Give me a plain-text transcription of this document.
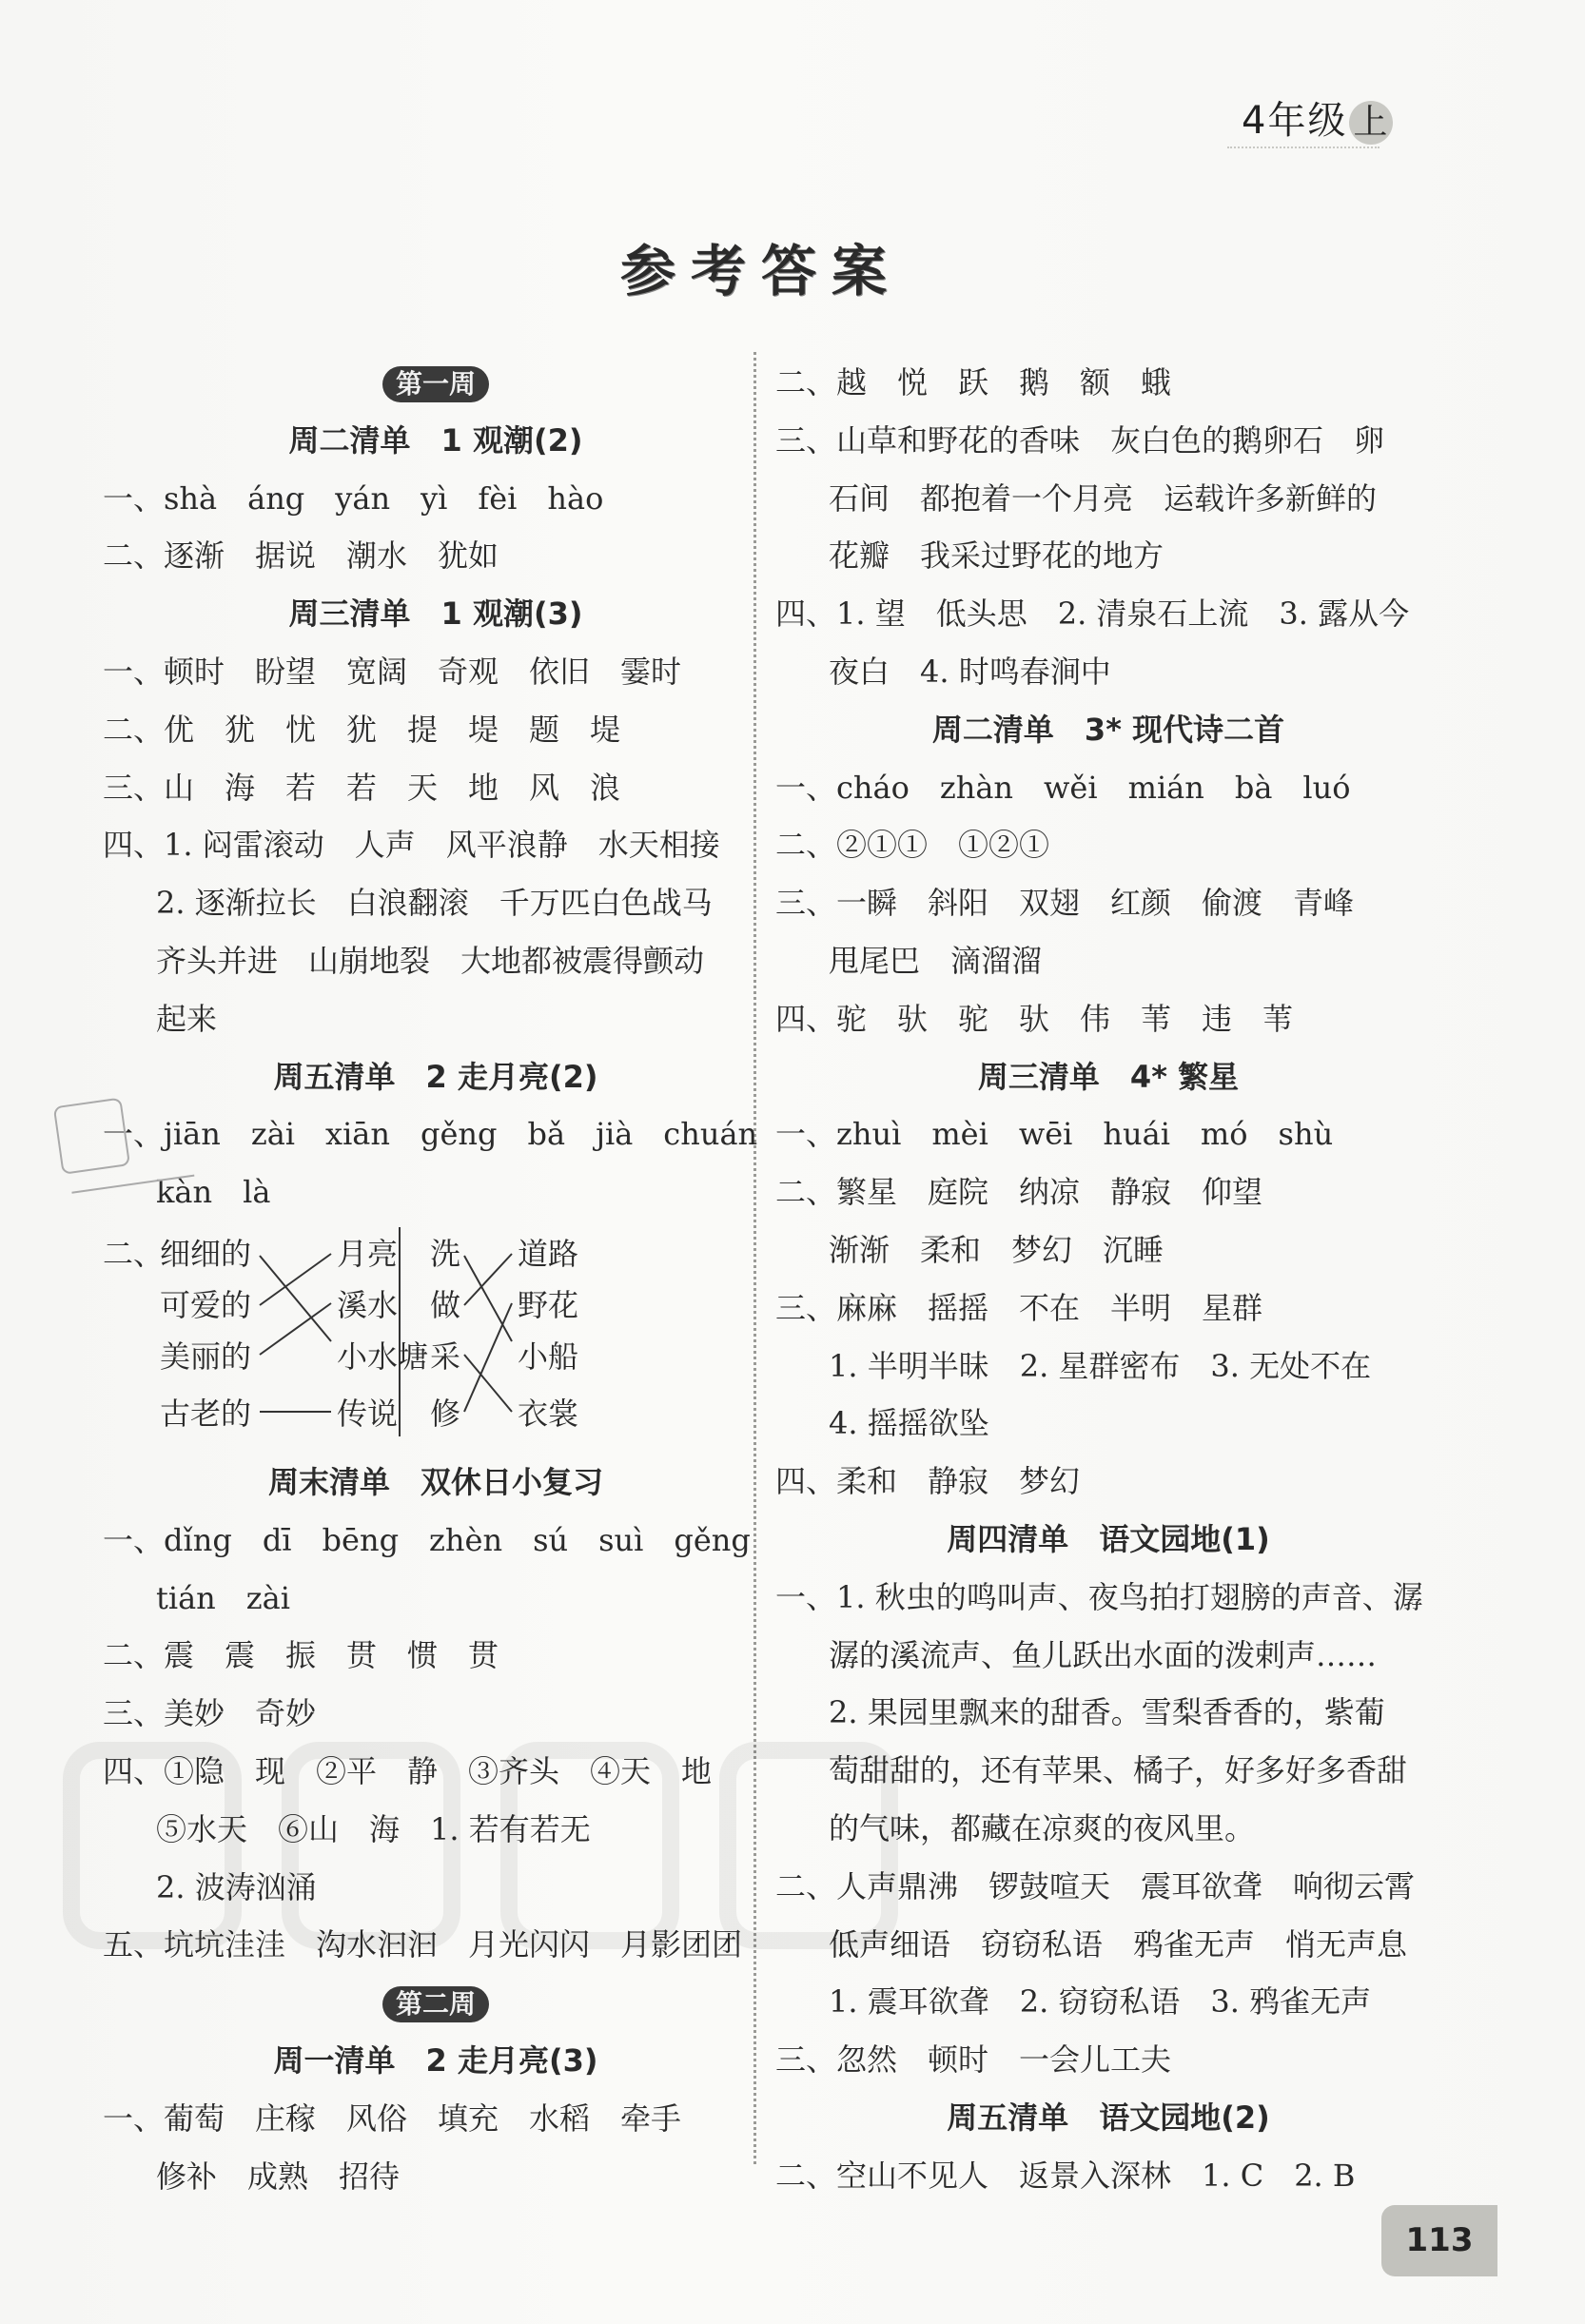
4年级 上
参考答案
第一周
周二清单　1 观潮(2)
一、shà　áng　yán　yì　fèi　hào
二、逐渐　据说　潮水　犹如
周三清单　1 观潮(3)
一、顿时　盼望　宽阔　奇观　依旧　霎时
二、优　犹　忧　犹　提　堤　题　堤
三、山　海　若　若　天　地　风　浪
四、1. 闷雷滚动　人声　风平浪静　水天相接
2. 逐渐拉长　白浪翻滚　千万匹白色战马
齐头并进　山崩地裂　大地都被震得颤动
起来
周五清单　2 走月亮(2)
一、jiān　zài　xiān　gěng　bǎ　jià　chuán
kàn　là
二、
细细的
可爱的
美丽的
古老的
月亮
溪水
小水塘
传说
洗
做
采
修
道路
野花
小船
衣裳
周末清单　双休日小复习
一、dǐng　dī　bēng　zhèn　sú　suì　gěng
tián　zài
二、震　震　振　贯　惯　贯
三、美妙　奇妙
四、①隐　现　②平　静　③齐头　④天　地
⑤水天　⑥山　海　1. 若有若无
2. 波涛汹涌
五、坑坑洼洼　沟水汩汩　月光闪闪　月影团团
第二周
周一清单　2 走月亮(3)
一、葡萄　庄稼　风俗　填充　水稻　牵手
修补　成熟　招待
二、越　悦　跃　鹅　额　蛾
三、山草和野花的香味　灰白色的鹅卵石　卵
石间　都抱着一个月亮　运载许多新鲜的
花瓣　我采过野花的地方
四、1. 望　低头思　2. 清泉石上流　3. 露从今
夜白　4. 时鸣春涧中
周二清单　3* 现代诗二首
一、cháo　zhàn　wěi　mián　bà　luó
二、②①①　①②①
三、一瞬　斜阳　双翅　红颜　偷渡　青峰
甩尾巴　滴溜溜
四、驼　驮　驼　驮　伟　苇　违　苇
周三清单　4* 繁星
一、zhuì　mèi　wēi　huái　mó　shù
二、繁星　庭院　纳凉　静寂　仰望
渐渐　柔和　梦幻　沉睡
三、麻麻　摇摇　不在　半明　星群
1. 半明半昧　2. 星群密布　3. 无处不在
4. 摇摇欲坠
四、柔和　静寂　梦幻
周四清单　语文园地(1)
一、1. 秋虫的鸣叫声、夜鸟拍打翅膀的声音、潺
潺的溪流声、鱼儿跃出水面的泼剌声……
2. 果园里飘来的甜香。雪梨香香的，紫葡
萄甜甜的，还有苹果、橘子，好多好多香甜
的气味，都藏在凉爽的夜风里。
二、人声鼎沸　锣鼓喧天　震耳欲聋　响彻云霄
低声细语　窃窃私语　鸦雀无声　悄无声息
1. 震耳欲聋　2. 窃窃私语　3. 鸦雀无声
三、忽然　顿时　一会儿工夫
周五清单　语文园地(2)
二、空山不见人　返景入深林　1. C　2. B
113
